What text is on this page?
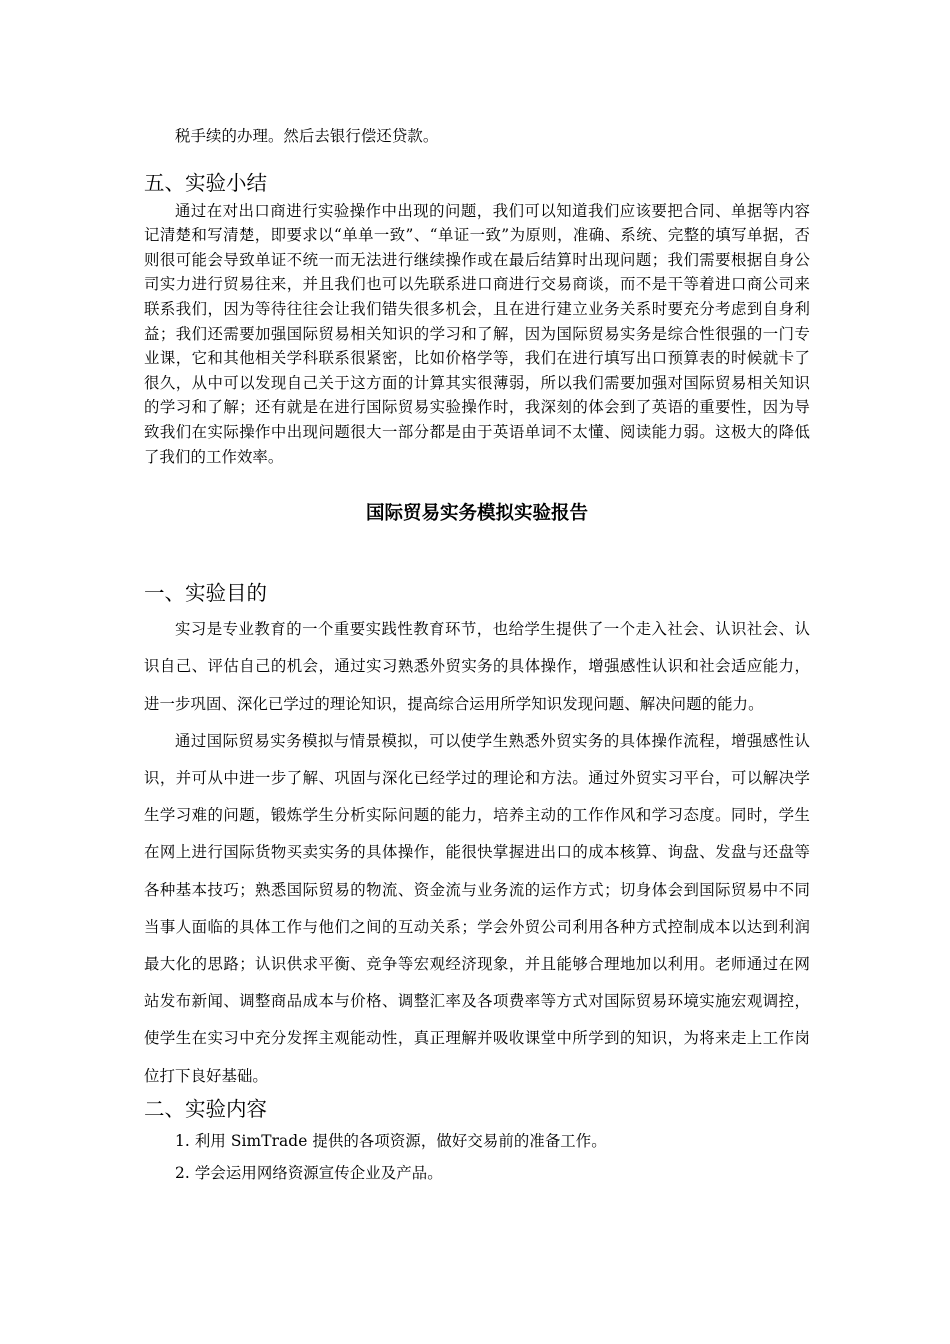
税手续的办理。然后去银行偿还贷款。

五、实验小结

通过在对出口商进行实验操作中出现的问题，我们可以知道我们应该要把合同、单据等内容记清楚和写清楚，即要求以“单单一致”、“单证一致”为原则，准确、系统、完整的填写单据，否则很可能会导致单证不统一而无法进行继续操作或在最后结算时出现问题；我们需要根据自身公司实力进行贸易往来，并且我们也可以先联系进口商进行交易商谈，而不是干等着进口商公司来联系我们，因为等待往往会让我们错失很多机会，且在进行建立业务关系时要充分考虑到自身利益；我们还需要加强国际贸易相关知识的学习和了解，因为国际贸易实务是综合性很强的一门专业课，它和其他相关学科联系很紧密，比如价格学等，我们在进行填写出口预算表的时候就卡了很久，从中可以发现自己关于这方面的计算其实很薄弱，所以我们需要加强对国际贸易相关知识的学习和了解；还有就是在进行国际贸易实验操作时，我深刻的体会到了英语的重要性，因为导致我们在实际操作中出现问题很大一部分都是由于英语单词不太懂、阅读能力弱。这极大的降低了我们的工作效率。

国际贸易实务模拟实验报告
一、实验目的

实习是专业教育的一个重要实践性教育环节，也给学生提供了一个走入社会、认识社会、认识自己、评估自己的机会，通过实习熟悉外贸实务的具体操作，增强感性认识和社会适应能力，进一步巩固、深化已学过的理论知识，提高综合运用所学知识发现问题、解决问题的能力。

通过国际贸易实务模拟与情景模拟，可以使学生熟悉外贸实务的具体操作流程，增强感性认识，并可从中进一步了解、巩固与深化已经学过的理论和方法。通过外贸实习平台，可以解决学生学习难的问题，锻炼学生分析实际问题的能力，培养主动的工作作风和学习态度。同时，学生在网上进行国际货物买卖实务的具体操作，能很快掌握进出口的成本核算、询盘、发盘与还盘等各种基本技巧；熟悉国际贸易的物流、资金流与业务流的运作方式；切身体会到国际贸易中不同当事人面临的具体工作与他们之间的互动关系；学会外贸公司利用各种方式控制成本以达到利润最大化的思路；认识供求平衡、竞争等宏观经济现象，并且能够合理地加以利用。老师通过在网站发布新闻、调整商品成本与价格、调整汇率及各项费率等方式对国际贸易环境实施宏观调控，使学生在实习中充分发挥主观能动性，真正理解并吸收课堂中所学到的知识，为将来走上工作岗位打下良好基础。

二、实验内容

1. 利用 SimTrade 提供的各项资源，做好交易前的准备工作。

2. 学会运用网络资源宣传企业及产品。
